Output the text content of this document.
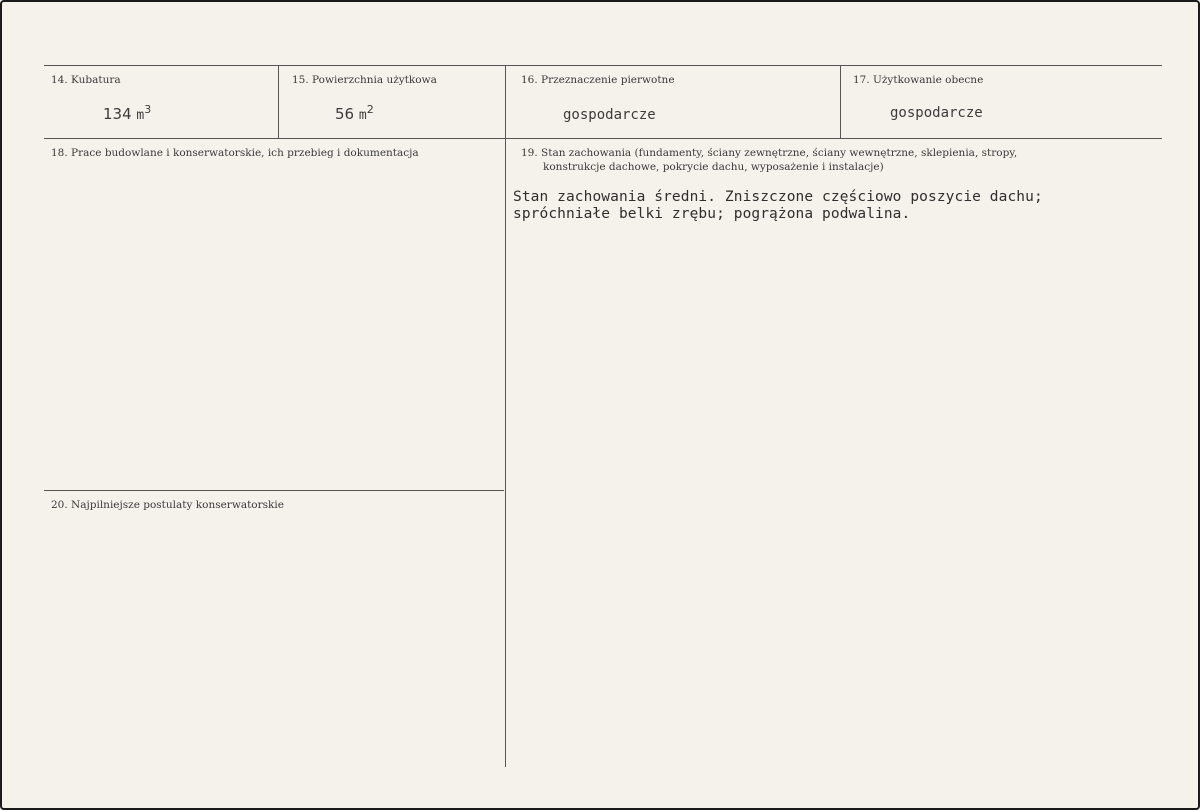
14. Kubatura
134 $m^3$
15. Powierzchnia użytkowa
56 $m^2$
16. Przeznaczenie pierwotne
gospodarcze
17. Użytkowanie obecne
gospodarcze
18. Prace budowlane i konserwatorskie, ich przebieg i dokumentacja	19. Stan zachowania (fundamenty, ściany zewnętrzne, ściany wewnętrzne, sklepienia, stropy,
konstrukcje dachowe, pokrycie dachu, wyposażenie i instalacje)
Stan zachowania średni. Zniszczone częściowo poszycie dachu;
spróchniałe belki zrębu; pogrążona podwalina.
20. Najpilniejsze postulaty konserwatorskie
